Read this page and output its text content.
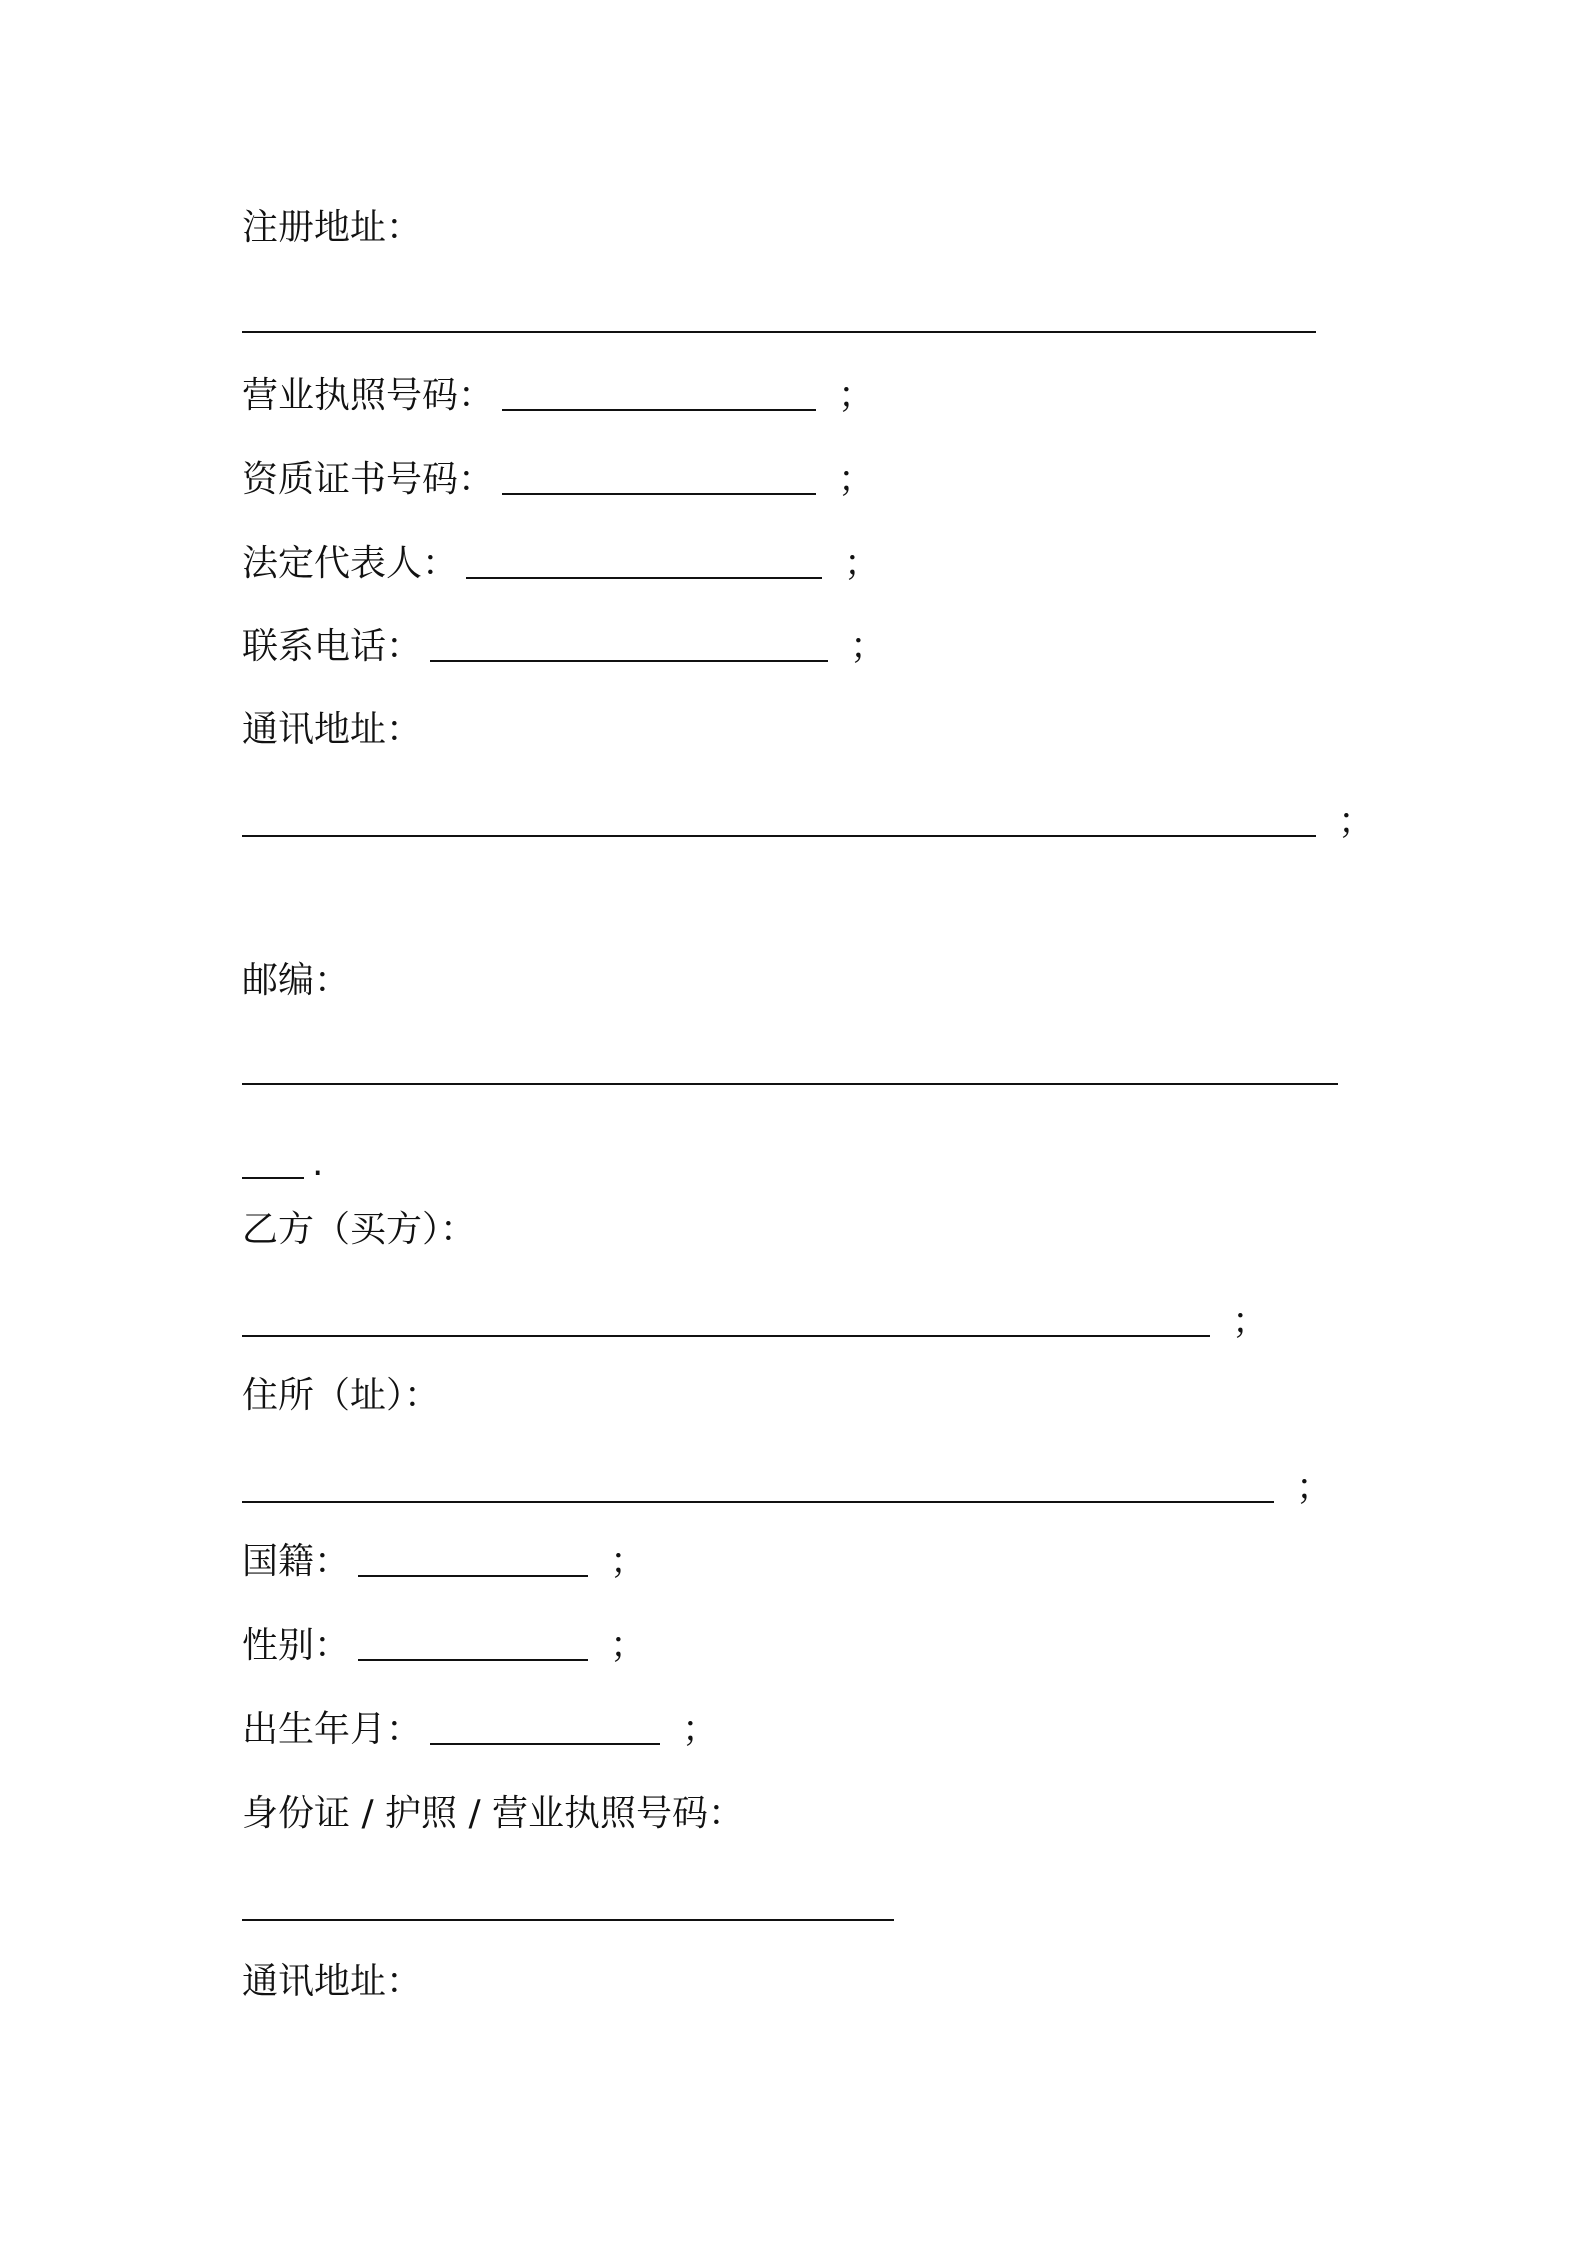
注册地址：
营业执照号码：	；
资质证书号码：	；
法定代表人：	；
联系电话：	；
通讯地址：
；
邮编：
.
乙方（买方）：
；
住所（址）：
；
国籍：	；
性别：	；
出生年月：	；
身份证 / 护照 / 营业执照号码：
通讯地址：
